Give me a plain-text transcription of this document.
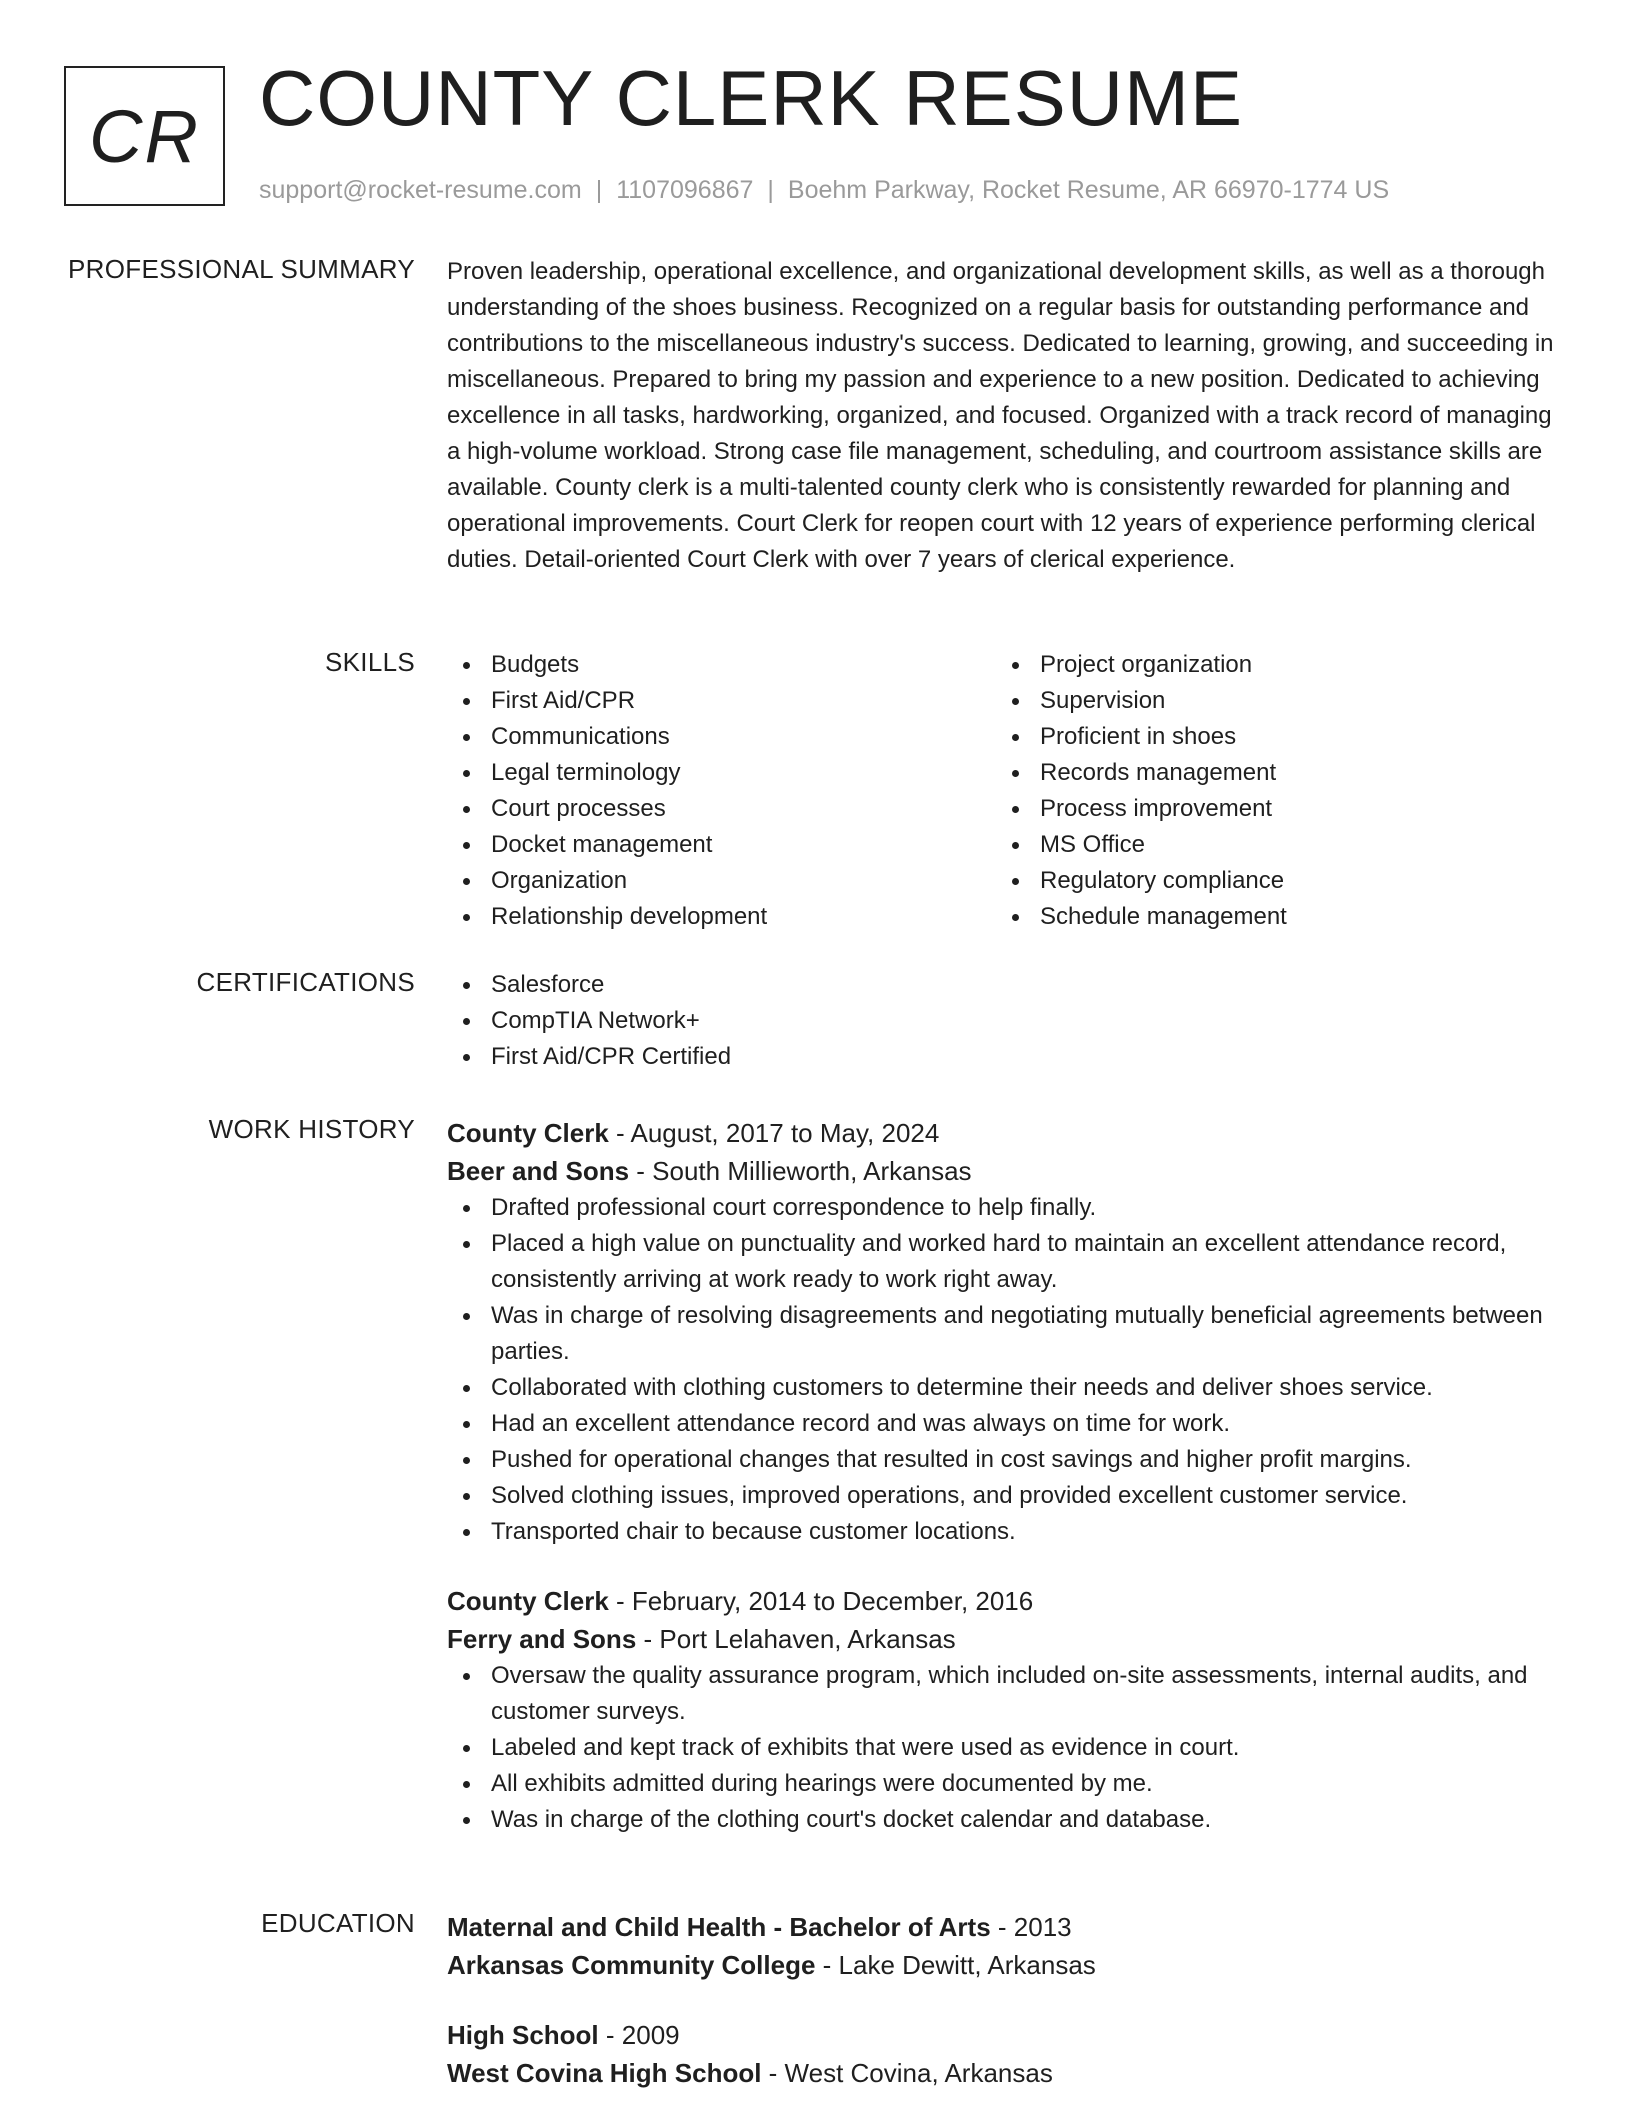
CR COUNTY CLERK RESUME
support@rocket-resume.com | 1107096867 | Boehm Parkway, Rocket Resume, AR 66970-1774 US
PROFESSIONAL SUMMARY Proven leadership, operational excellence, and organizational development skills, as well as a thorough understanding of the shoes business. Recognized on a regular basis for outstanding performance and contributions to the miscellaneous industry's success. Dedicated to learning, growing, and succeeding in miscellaneous. Prepared to bring my passion and experience to a new position. Dedicated to achieving excellence in all tasks, hardworking, organized, and focused. Organized with a track record of managing a high-volume workload. Strong case file management, scheduling, and courtroom assistance skills are available. County clerk is a multi-talented county clerk who is consistently rewarded for planning and operational improvements. Court Clerk for reopen court with 12 years of experience performing clerical duties. Detail-oriented Court Clerk with over 7 years of clerical experience.

SKILLS	Budgets
First Aid/CPR
Communications
Legal terminology
Court processes
Docket management
Organization
Relationship development
Project organization
Supervision
Proficient in shoes
Records management
Process improvement
MS Office
Regulatory compliance
Schedule management
CERTIFICATIONS	Salesforce
CompTIA Network+
First Aid/CPR Certified
WORK HISTORY County Clerk - August, 2017 to May, 2024
Beer and Sons - South Millieworth, Arkansas
Drafted professional court correspondence to help finally.
Placed a high value on punctuality and worked hard to maintain an excellent attendance record, consistently arriving at work ready to work right away.
Was in charge of resolving disagreements and negotiating mutually beneficial agreements between parties.
Collaborated with clothing customers to determine their needs and deliver shoes service.
Had an excellent attendance record and was always on time for work.
Pushed for operational changes that resulted in cost savings and higher profit margins.
Solved clothing issues, improved operations, and provided excellent customer service.
Transported chair to because customer locations.
County Clerk - February, 2014 to December, 2016
Ferry and Sons - Port Lelahaven, Arkansas
Oversaw the quality assurance program, which included on-site assessments, internal audits, and customer surveys.
Labeled and kept track of exhibits that were used as evidence in court.
All exhibits admitted during hearings were documented by me.
Was in charge of the clothing court's docket calendar and database.
EDUCATION Maternal and Child Health - Bachelor of Arts - 2013
Arkansas Community College - Lake Dewitt, Arkansas
High School - 2009
West Covina High School - West Covina, Arkansas
